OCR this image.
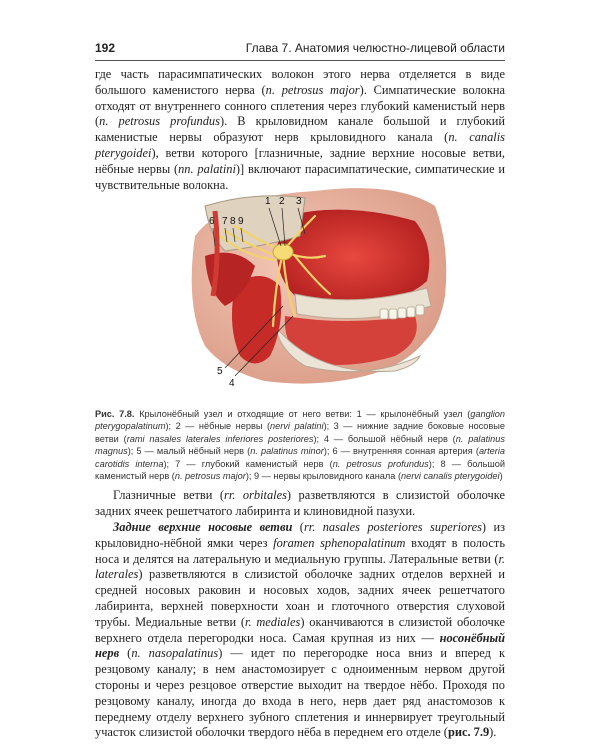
192	Глава 7. Анатомия челюстно-лицевой области

где часть парасимпатических волокон этого нерва отделяется в виде большого каменистого нерва (n. petrosus major). Симпатические волокна отходят от внутреннего сонного сплетения через глубокий каменистый нерв (n. petrosus profundus). В крыловидном канале большой и глубокий каменистые нервы образуют нерв крыловидного канала (n. canalis pterygoidei), ветви которого [глазничные, задние верхние носовые ветви, нёбные нервы (nn. palatini)] включают парасимпатические, симпатические и чувствительные волокна.

1 2 3
6 7 8 9
5
4

Рис. 7.8. Крылонёбный узел и отходящие от него ветви: 1 — крылонёбный узел (ganglion pterygopalatinum); 2 — нёбные нервы (nervi palatini); 3 — нижние задние боковые носовые ветви (rami nasales laterales inferiores posteriores); 4 — большой нёбный нерв (n. palatinus magnus); 5 — малый нёбный нерв (n. palatinus minor); 6 — внутренняя сонная артерия (arteria carotidis interna); 7 — глубокий каменистый нерв (n. petrosus profundus); 8 — большой каменистый нерв (n. petrosus major); 9 — нервы крыловидного канала (nervi canalis pterygoidei)

Глазничные ветви (rr. orbitales) разветвляются в слизистой оболочке задних ячеек решетчатого лабиринта и клиновидной пазухи.

Задние верхние носовые ветви (rr. nasales posteriores superiores) из крыловидно-нёбной ямки через foramen sphenopalatinum входят в полость носа и делятся на латеральную и медиальную группы. Латеральные ветви (r. laterales) разветвляются в слизистой оболочке задних отделов верхней и средней носовых раковин и носовых ходов, задних ячеек решетчатого лабиринта, верхней поверхности хоан и глоточного отверстия слуховой трубы. Медиальные ветви (r. mediales) оканчиваются в слизистой оболочке верхнего отдела перегородки носа. Самая крупная из них — носонёбный нерв (n. nasopalatinus) — идет по перегородке носа вниз и вперед к резцовому каналу; в нем анастомозирует с одноименным нервом другой стороны и через резцовое отверстие выходит на твердое нёбо. Проходя по резцовому каналу, иногда до входа в него, нерв дает ряд анастомозов к переднему отделу верхнего зубного сплетения и иннервирует треугольный участок слизистой оболочки твердого нёба в переднем его отделе (рис. 7.9).
